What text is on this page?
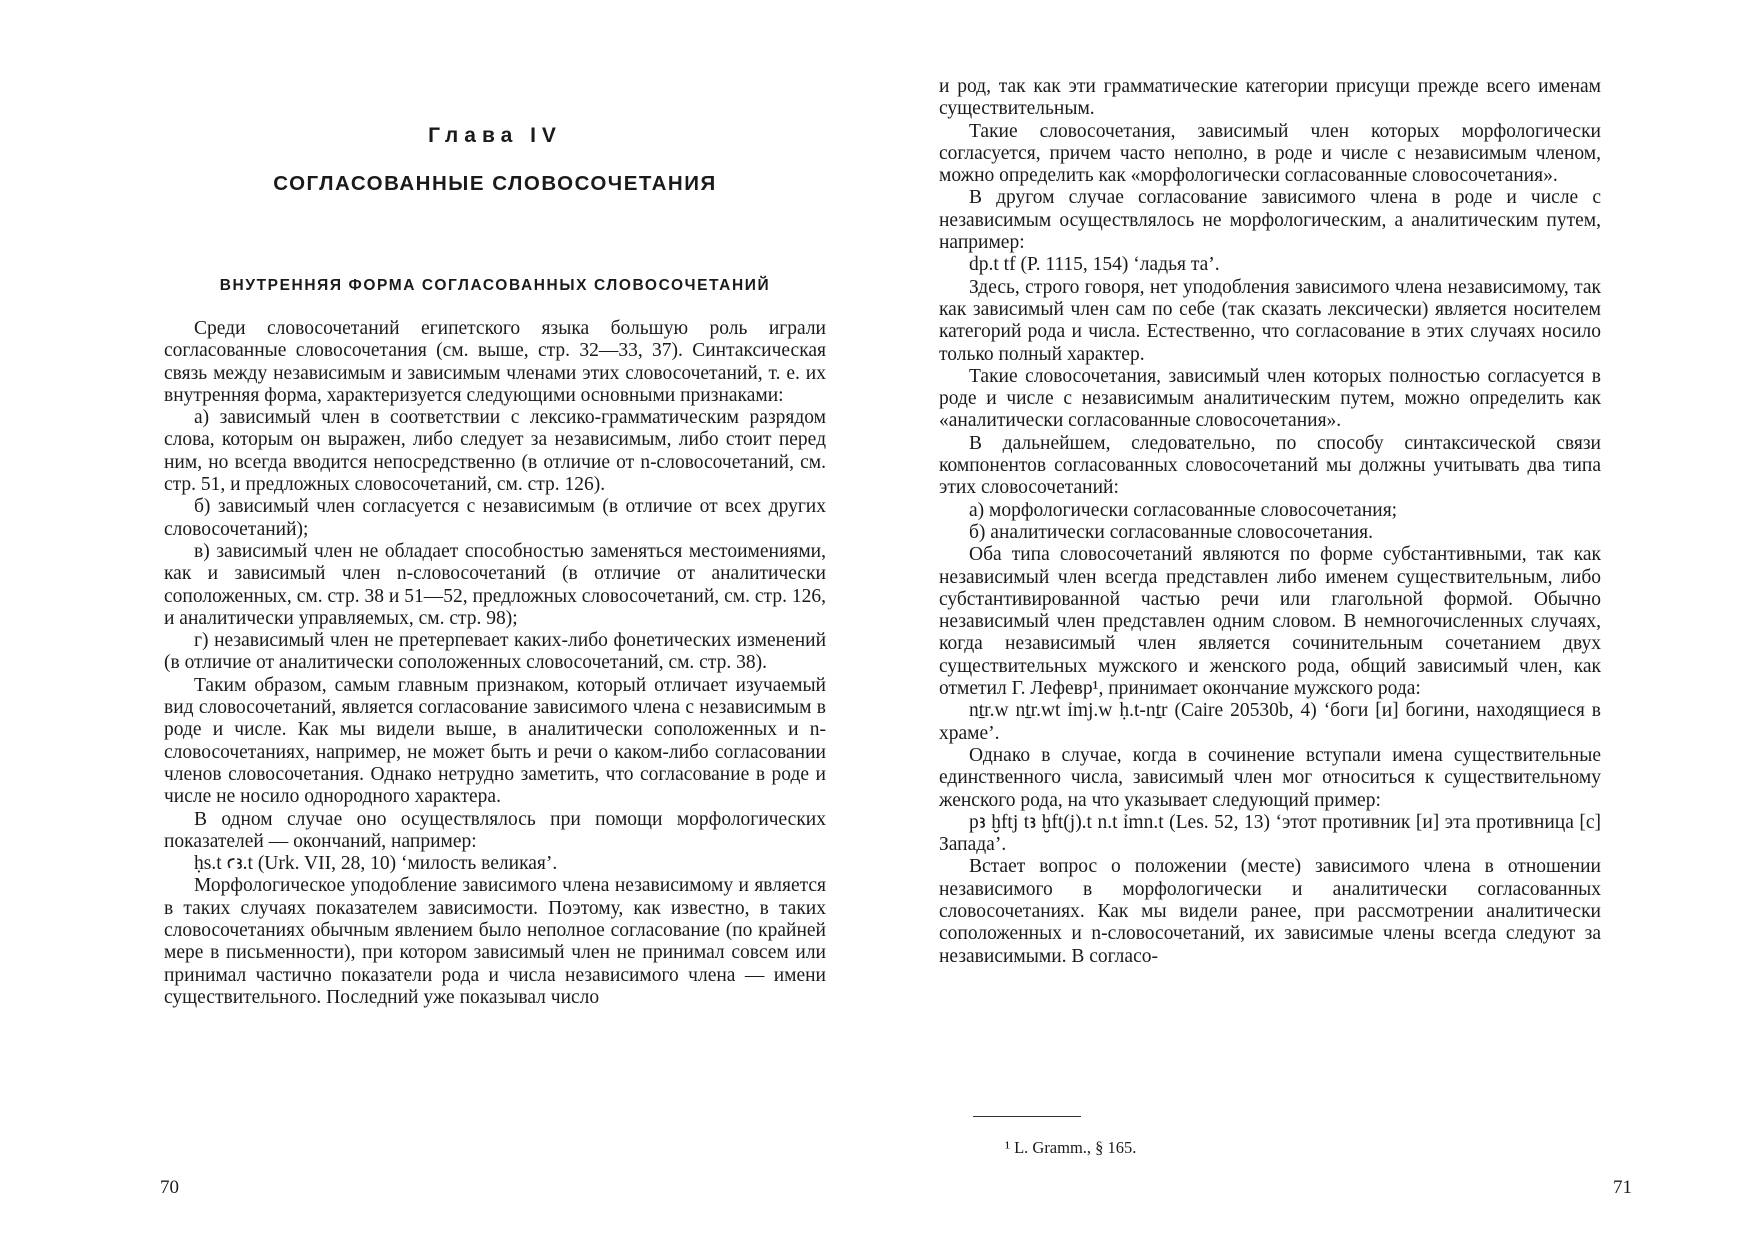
Глава IV
СОГЛАСОВАННЫЕ СЛОВОСОЧЕТАНИЯ
ВНУТРЕННЯЯ ФОРМА СОГЛАСОВАННЫХ СЛОВОСОЧЕТАНИЙ

Среди словосочетаний египетского языка большую роль играли согласованные словосочетания (см. выше, стр. 32—33, 37). Синтаксическая связь между независимым и зависимым членами этих словосочетаний, т. е. их внутренняя форма, характеризуется следующими основными признаками:

а) зависимый член в соответствии с лексико-грамматическим разрядом слова, которым он выражен, либо следует за независимым, либо стоит перед ним, но всегда вводится непосредственно (в отличие от n-словосочетаний, см. стр. 51, и предложных словосочетаний, см. стр. 126).

б) зависимый член согласуется с независимым (в отличие от всех других словосочетаний);

в) зависимый член не обладает способностью заменяться местоимениями, как и зависимый член n-словосочетаний (в отличие от аналитически соположенных, см. стр. 38 и 51—52, предложных словосочетаний, см. стр. 126, и аналитически управляемых, см. стр. 98);

г) независимый член не претерпевает каких-либо фонетических изменений (в отличие от аналитически соположенных словосочетаний, см. стр. 38).

Таким образом, самым главным признаком, который отличает изучаемый вид словосочетаний, является согласование зависимого члена с независимым в роде и числе. Как мы видели выше, в аналитически соположенных и n-словосочетаниях, например, не может быть и речи о каком-либо согласовании членов словосочетания. Однако нетрудно заметить, что согласование в роде и числе не носило однородного характера.

В одном случае оно осуществлялось при помощи морфологических показателей — окончаний, например:

ḥs.t ꜥꜣ.t (Urk. VII, 28, 10) ‘милость великая’.

Морфологическое уподобление зависимого члена независимому и является в таких случаях показателем зависимости. Поэтому, как известно, в таких словосочетаниях обычным явлением было неполное согласование (по крайней мере в письменности), при котором зависимый член не принимал совсем или принимал частично показатели рода и числа независимого члена — имени существительного. Последний уже показывал число

70

и род, так как эти грамматические категории присущи прежде всего именам существительным.

Такие словосочетания, зависимый член которых морфологически согласуется, причем часто неполно, в роде и числе с независимым членом, можно определить как «морфологически согласованные словосочетания».

В другом случае согласование зависимого члена в роде и числе с независимым осуществлялось не морфологическим, а аналитическим путем, например:

dp.t tf (P. 1115, 154) ‘ладья та’.

Здесь, строго говоря, нет уподобления зависимого члена независимому, так как зависимый член сам по себе (так сказать лексически) является носителем категорий рода и числа. Естественно, что согласование в этих случаях носило только полный характер.

Такие словосочетания, зависимый член которых полностью согласуется в роде и числе с независимым аналитическим путем, можно определить как «аналитически согласованные словосочетания».

В дальнейшем, следовательно, по способу синтаксической связи компонентов согласованных словосочетаний мы должны учитывать два типа этих словосочетаний:

а) морфологически согласованные словосочетания;

б) аналитически согласованные словосочетания.

Оба типа словосочетаний являются по форме субстантивными, так как независимый член всегда представлен либо именем существительным, либо субстантивированной частью речи или глагольной формой. Обычно независимый член представлен одним словом. В немногочисленных случаях, когда независимый член является сочинительным сочетанием двух существительных мужского и женского рода, общий зависимый член, как отметил Г. Лефевр¹, принимает окончание мужского рода:

nṯr.w nṯr.wt ỉmj.w ḥ.t-nṯr (Caire 20530b, 4) ‘боги [и] богини, находящиеся в храме’.

Однако в случае, когда в сочинение вступали имена существительные единственного числа, зависимый член мог относиться к существительному женского рода, на что указывает следующий пример:

pꜣ ḫftj tꜣ ḫft(j).t n.t ỉmn.t (Les. 52, 13) ‘этот противник [и] эта противница [с] Запада’.

Встает вопрос о положении (месте) зависимого члена в отношении независимого в морфологически и аналитически согласованных словосочетаниях. Как мы видели ранее, при рассмотрении аналитически соположенных и n-словосочетаний, их зависимые члены всегда следуют за независимыми. В согласо-

¹ L. Gramm., § 165.
71
